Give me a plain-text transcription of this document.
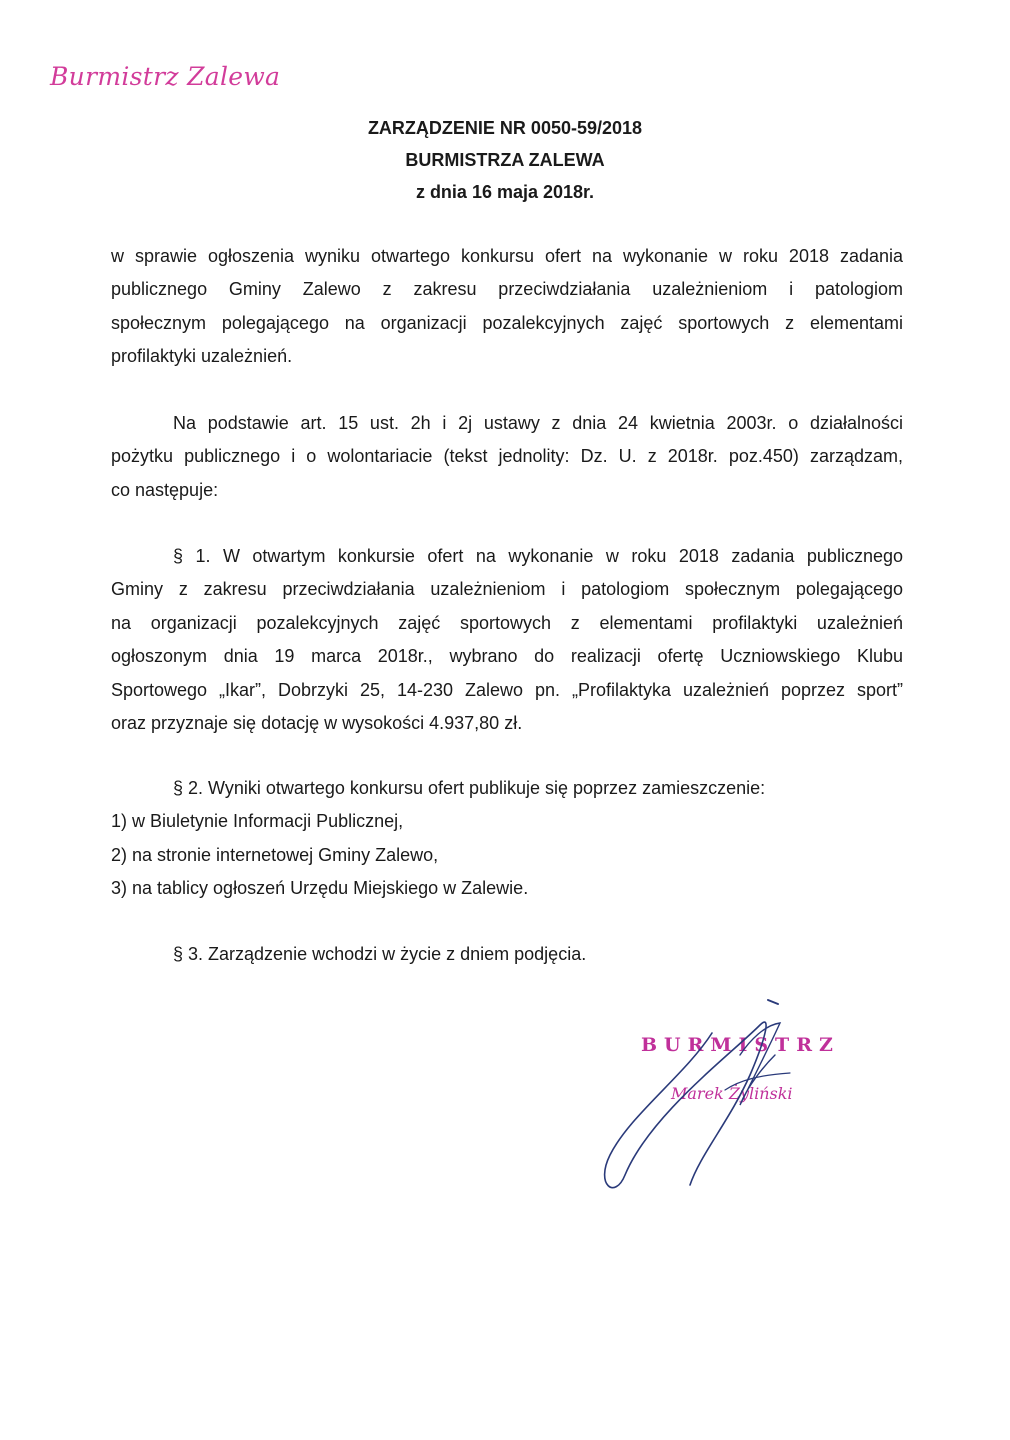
Burmistrz Zalewa
ZARZĄDZENIE NR 0050-59/2018
BURMISTRZA ZALEWA
z dnia 16 maja 2018r.
w sprawie ogłoszenia wyniku otwartego konkursu ofert na wykonanie w roku 2018 zadania
publicznego Gminy Zalewo z zakresu przeciwdziałania uzależnieniom i patologiom
społecznym polegającego na organizacji pozalekcyjnych zajęć sportowych z elementami
profilaktyki uzależnień.
Na podstawie art. 15 ust. 2h i 2j ustawy z dnia 24 kwietnia 2003r. o działalności
pożytku publicznego i o wolontariacie (tekst jednolity: Dz. U. z 2018r. poz.450) zarządzam,
co następuje:
§ 1. W otwartym konkursie ofert na wykonanie w roku 2018 zadania publicznego
Gminy z zakresu przeciwdziałania uzależnieniom i patologiom społecznym polegającego
na organizacji pozalekcyjnych zajęć sportowych z elementami profilaktyki uzależnień
ogłoszonym dnia 19 marca 2018r., wybrano do realizacji ofertę Uczniowskiego Klubu
Sportowego „Ikar”, Dobrzyki 25, 14-230 Zalewo pn. „Profilaktyka uzależnień poprzez sport”
oraz przyznaje się dotację w wysokości 4.937,80 zł.
§ 2. Wyniki otwartego konkursu ofert publikuje się poprzez zamieszczenie:
1) w Biuletynie Informacji Publicznej,
2) na stronie internetowej Gminy Zalewo,
3) na tablicy ogłoszeń Urzędu Miejskiego w Zalewie.
§ 3. Zarządzenie wchodzi w życie z dniem podjęcia.
BURMISTRZ
Marek Żyliński
